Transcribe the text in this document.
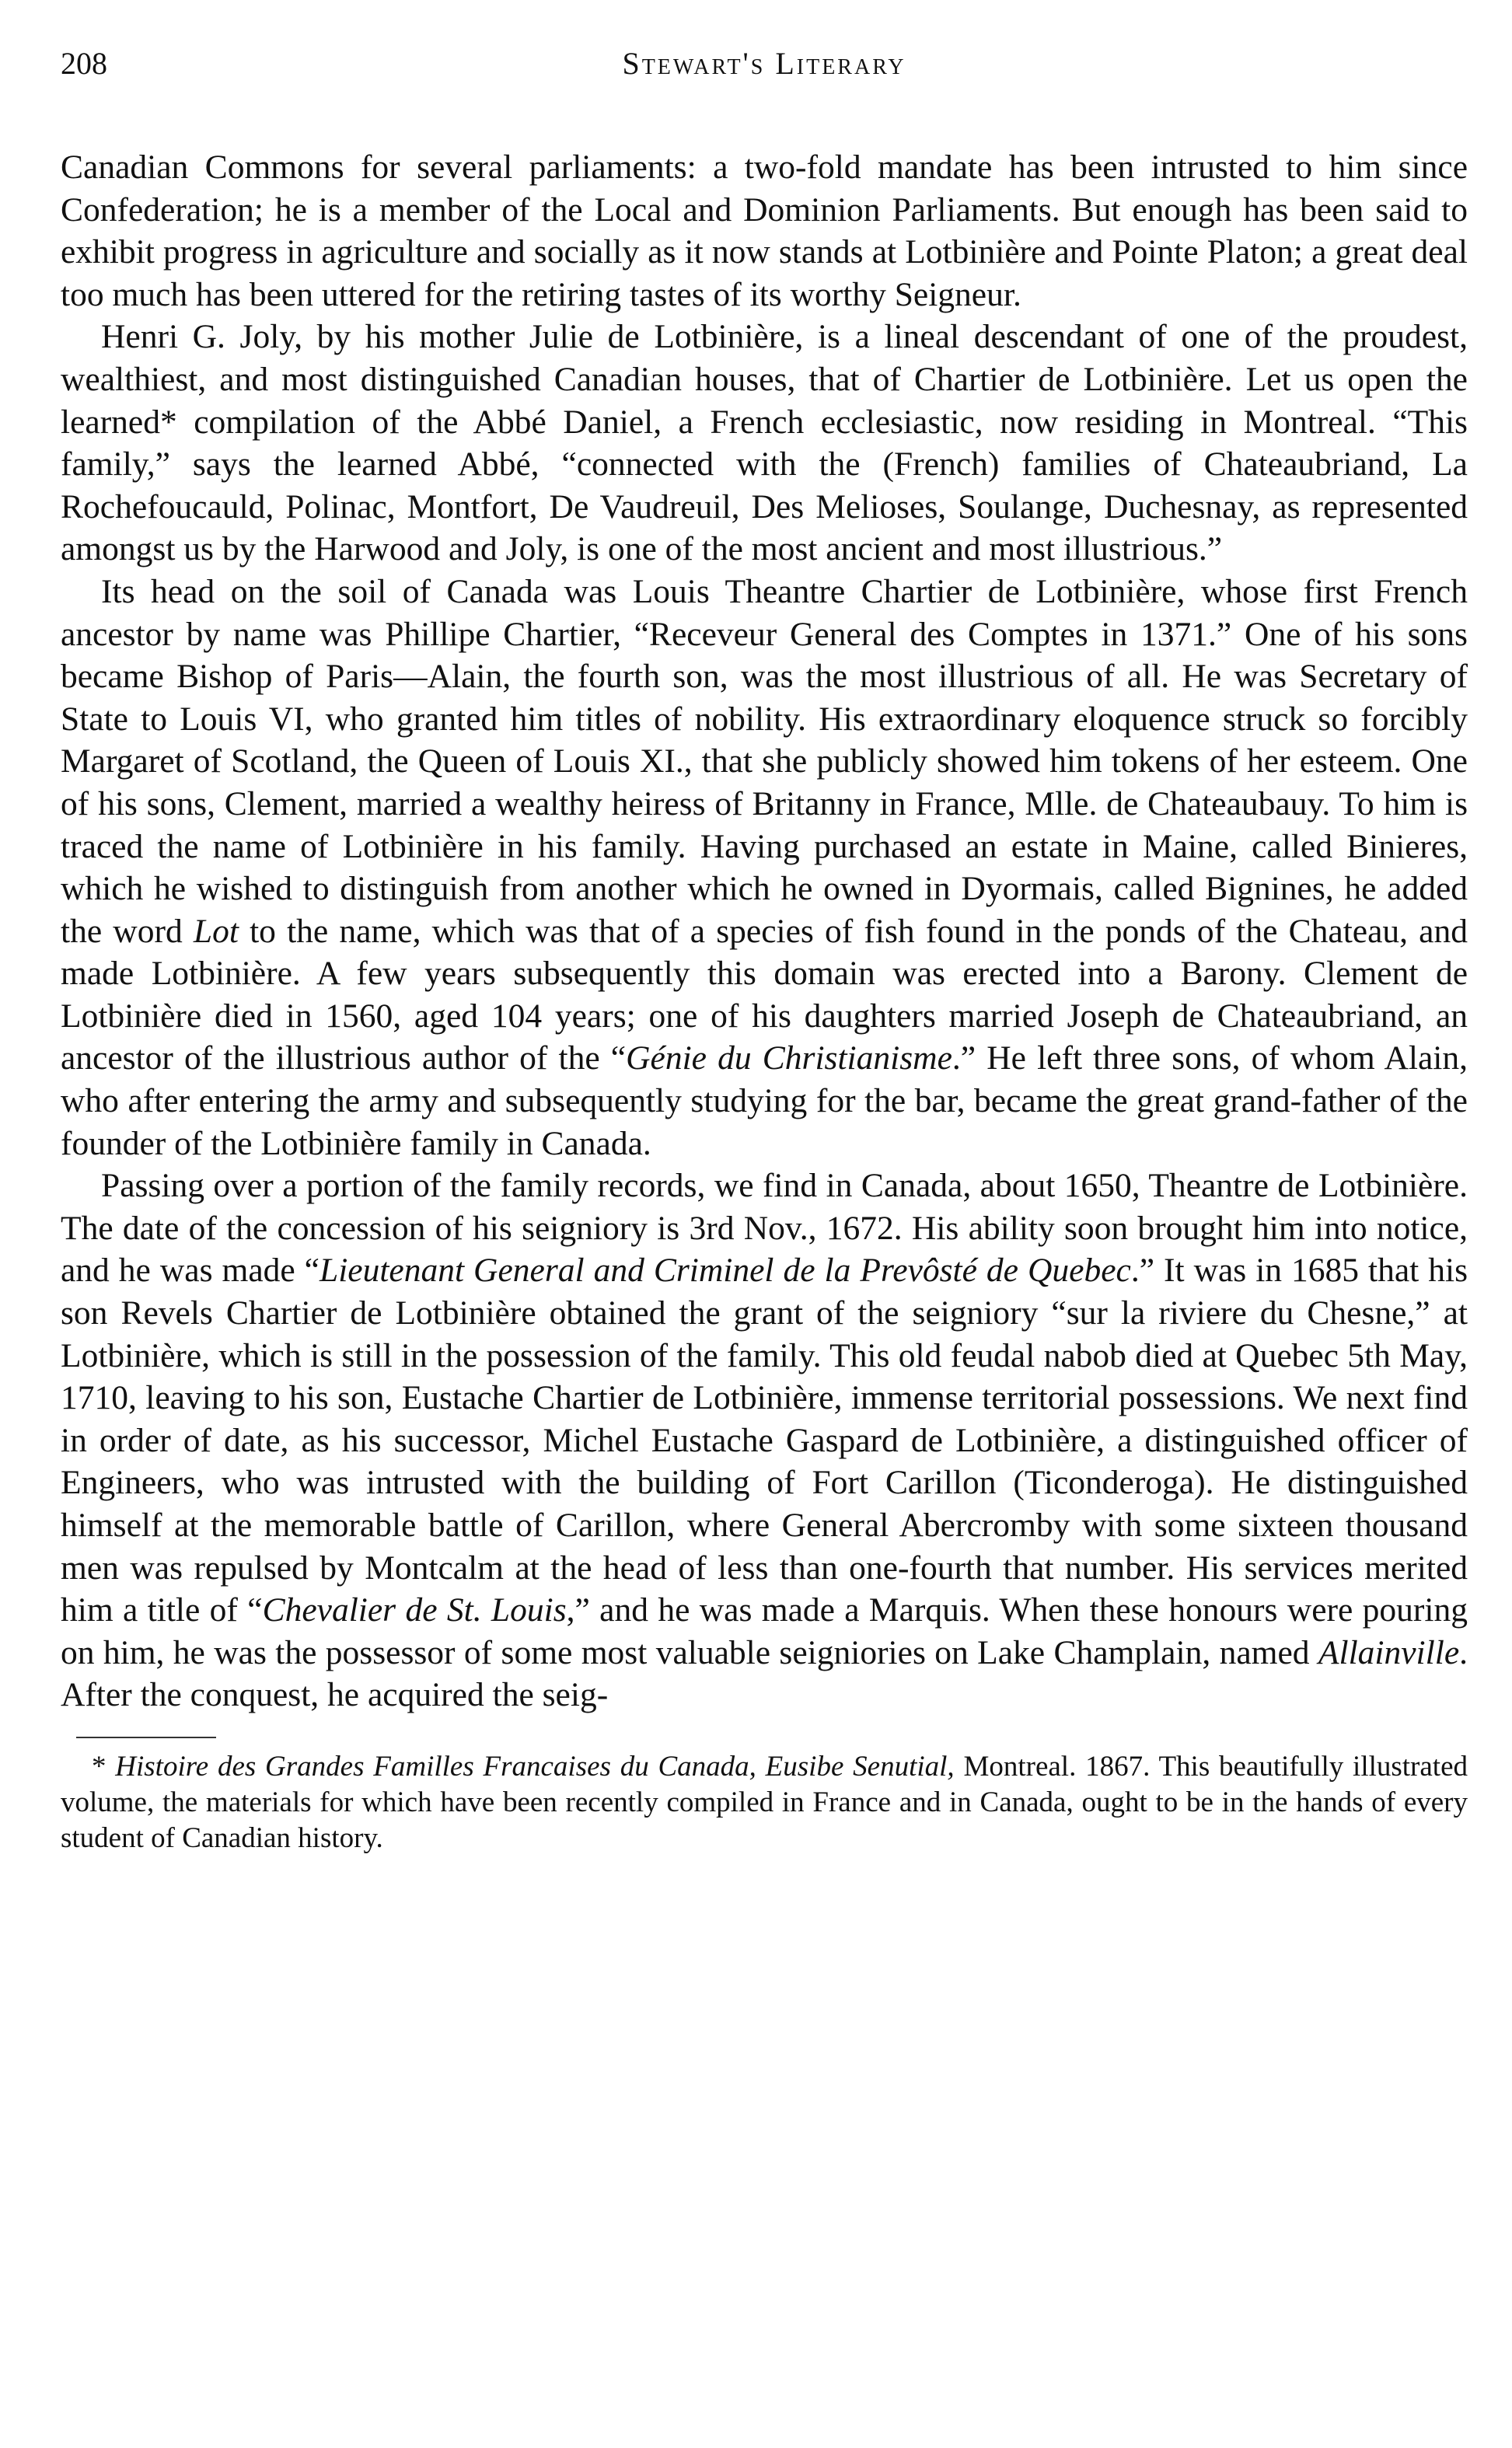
208	Stewart's Literary

Canadian Commons for several parliaments: a two-fold mandate has been intrusted to him since Confederation; he is a member of the Local and Dominion Parliaments. But enough has been said to exhibit progress in agriculture and socially as it now stands at Lotbinière and Pointe Platon; a great deal too much has been uttered for the retiring tastes of its worthy Seigneur.

Henri G. Joly, by his mother Julie de Lotbinière, is a lineal descendant of one of the proudest, wealthiest, and most distinguished Canadian houses, that of Chartier de Lotbinière. Let us open the learned* compilation of the Abbé Daniel, a French ecclesiastic, now residing in Montreal. “This family,” says the learned Abbé, “connected with the (French) families of Chateaubriand, La Rochefoucauld, Polinac, Montfort, De Vaudreuil, Des Melioses, Soulange, Duchesnay, as represented amongst us by the Harwood and Joly, is one of the most ancient and most illustrious.”

Its head on the soil of Canada was Louis Theantre Chartier de Lotbinière, whose first French ancestor by name was Phillipe Chartier, “Receveur General des Comptes in 1371.” One of his sons became Bishop of Paris—Alain, the fourth son, was the most illustrious of all. He was Secretary of State to Louis VI, who granted him titles of nobility. His extraordinary eloquence struck so forcibly Margaret of Scotland, the Queen of Louis XI., that she publicly showed him tokens of her esteem. One of his sons, Clement, married a wealthy heiress of Britanny in France, Mlle. de Chateaubauy. To him is traced the name of Lotbinière in his family. Having purchased an estate in Maine, called Binieres, which he wished to distinguish from another which he owned in Dyormais, called Bignines, he added the word Lot to the name, which was that of a species of fish found in the ponds of the Chateau, and made Lotbinière. A few years subsequently this domain was erected into a Barony. Clement de Lotbinière died in 1560, aged 104 years; one of his daughters married Joseph de Chateaubriand, an ancestor of the illustrious author of the “Génie du Christianisme.” He left three sons, of whom Alain, who after entering the army and subsequently studying for the bar, became the great grand-father of the founder of the Lotbinière family in Canada.

Passing over a portion of the family records, we find in Canada, about 1650, Theantre de Lotbinière. The date of the concession of his seigniory is 3rd Nov., 1672. His ability soon brought him into notice, and he was made “Lieutenant General and Criminel de la Prevôsté de Quebec.” It was in 1685 that his son Revels Chartier de Lotbinière obtained the grant of the seigniory “sur la riviere du Chesne,” at Lotbinière, which is still in the possession of the family. This old feudal nabob died at Quebec 5th May, 1710, leaving to his son, Eustache Chartier de Lotbinière, immense territorial possessions. We next find in order of date, as his successor, Michel Eustache Gaspard de Lotbinière, a distinguished officer of Engineers, who was intrusted with the building of Fort Carillon (Ticonderoga). He distinguished himself at the memorable battle of Carillon, where General Abercromby with some sixteen thousand men was repulsed by Montcalm at the head of less than one-fourth that number. His services merited him a title of “Chevalier de St. Louis,” and he was made a Marquis. When these honours were pouring on him, he was the possessor of some most valuable seigniories on Lake Champlain, named Allainville. After the conquest, he acquired the seig-

* Histoire des Grandes Familles Francaises du Canada, Eusibe Senutial, Montreal. 1867. This beautifully illustrated volume, the materials for which have been recently compiled in France and in Canada, ought to be in the hands of every student of Canadian history.
